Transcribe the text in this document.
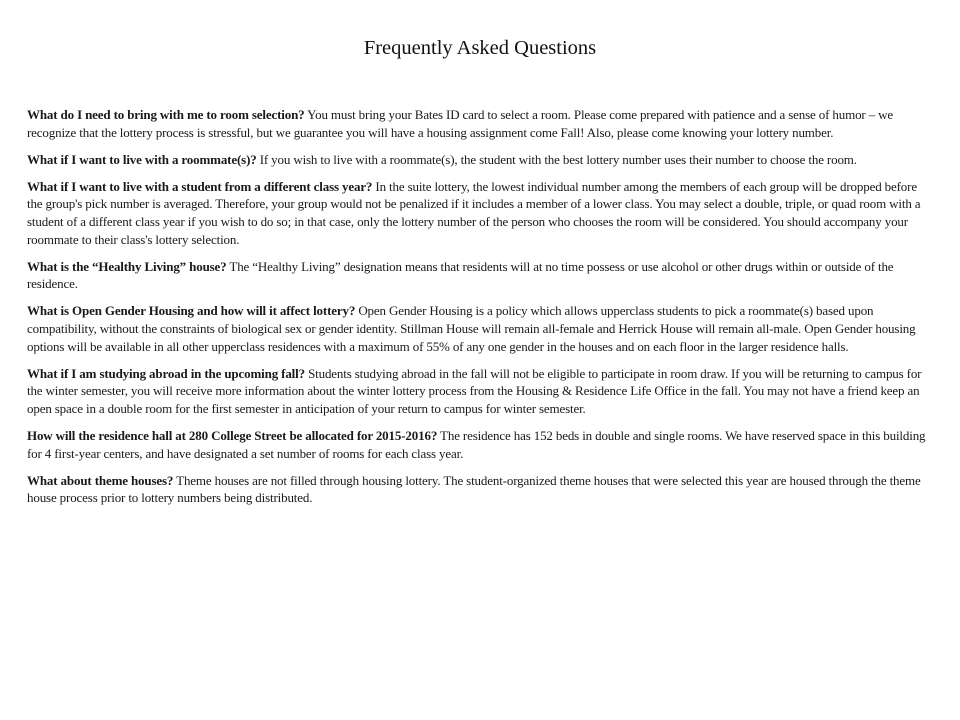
Frequently Asked Questions

What do I need to bring with me to room selection? You must bring your Bates ID card to select a room. Please come prepared with patience and a sense of humor – we recognize that the lottery process is stressful, but we guarantee you will have a housing assignment come Fall! Also, please come knowing your lottery number.

What if I want to live with a roommate(s)? If you wish to live with a roommate(s), the student with the best lottery number uses their number to choose the room.

What if I want to live with a student from a different class year? In the suite lottery, the lowest individual number among the members of each group will be dropped before the group's pick number is averaged. Therefore, your group would not be penalized if it includes a member of a lower class. You may select a double, triple, or quad room with a student of a different class year if you wish to do so; in that case, only the lottery number of the person who chooses the room will be considered. You should accompany your roommate to their class's lottery selection.

What is the “Healthy Living” house? The “Healthy Living” designation means that residents will at no time possess or use alcohol or other drugs within or outside of the residence.

What is Open Gender Housing and how will it affect lottery? Open Gender Housing is a policy which allows upperclass students to pick a roommate(s) based upon compatibility, without the constraints of biological sex or gender identity. Stillman House will remain all-female and Herrick House will remain all-male. Open Gender housing options will be available in all other upperclass residences with a maximum of 55% of any one gender in the houses and on each floor in the larger residence halls.

What if I am studying abroad in the upcoming fall? Students studying abroad in the fall will not be eligible to participate in room draw. If you will be returning to campus for the winter semester, you will receive more information about the winter lottery process from the Housing & Residence Life Office in the fall. You may not have a friend keep an open space in a double room for the first semester in anticipation of your return to campus for winter semester.

How will the residence hall at 280 College Street be allocated for 2015-2016? The residence has 152 beds in double and single rooms. We have reserved space in this building for 4 first-year centers, and have designated a set number of rooms for each class year.

What about theme houses? Theme houses are not filled through housing lottery. The student-organized theme houses that were selected this year are housed through the theme house process prior to lottery numbers being distributed.
